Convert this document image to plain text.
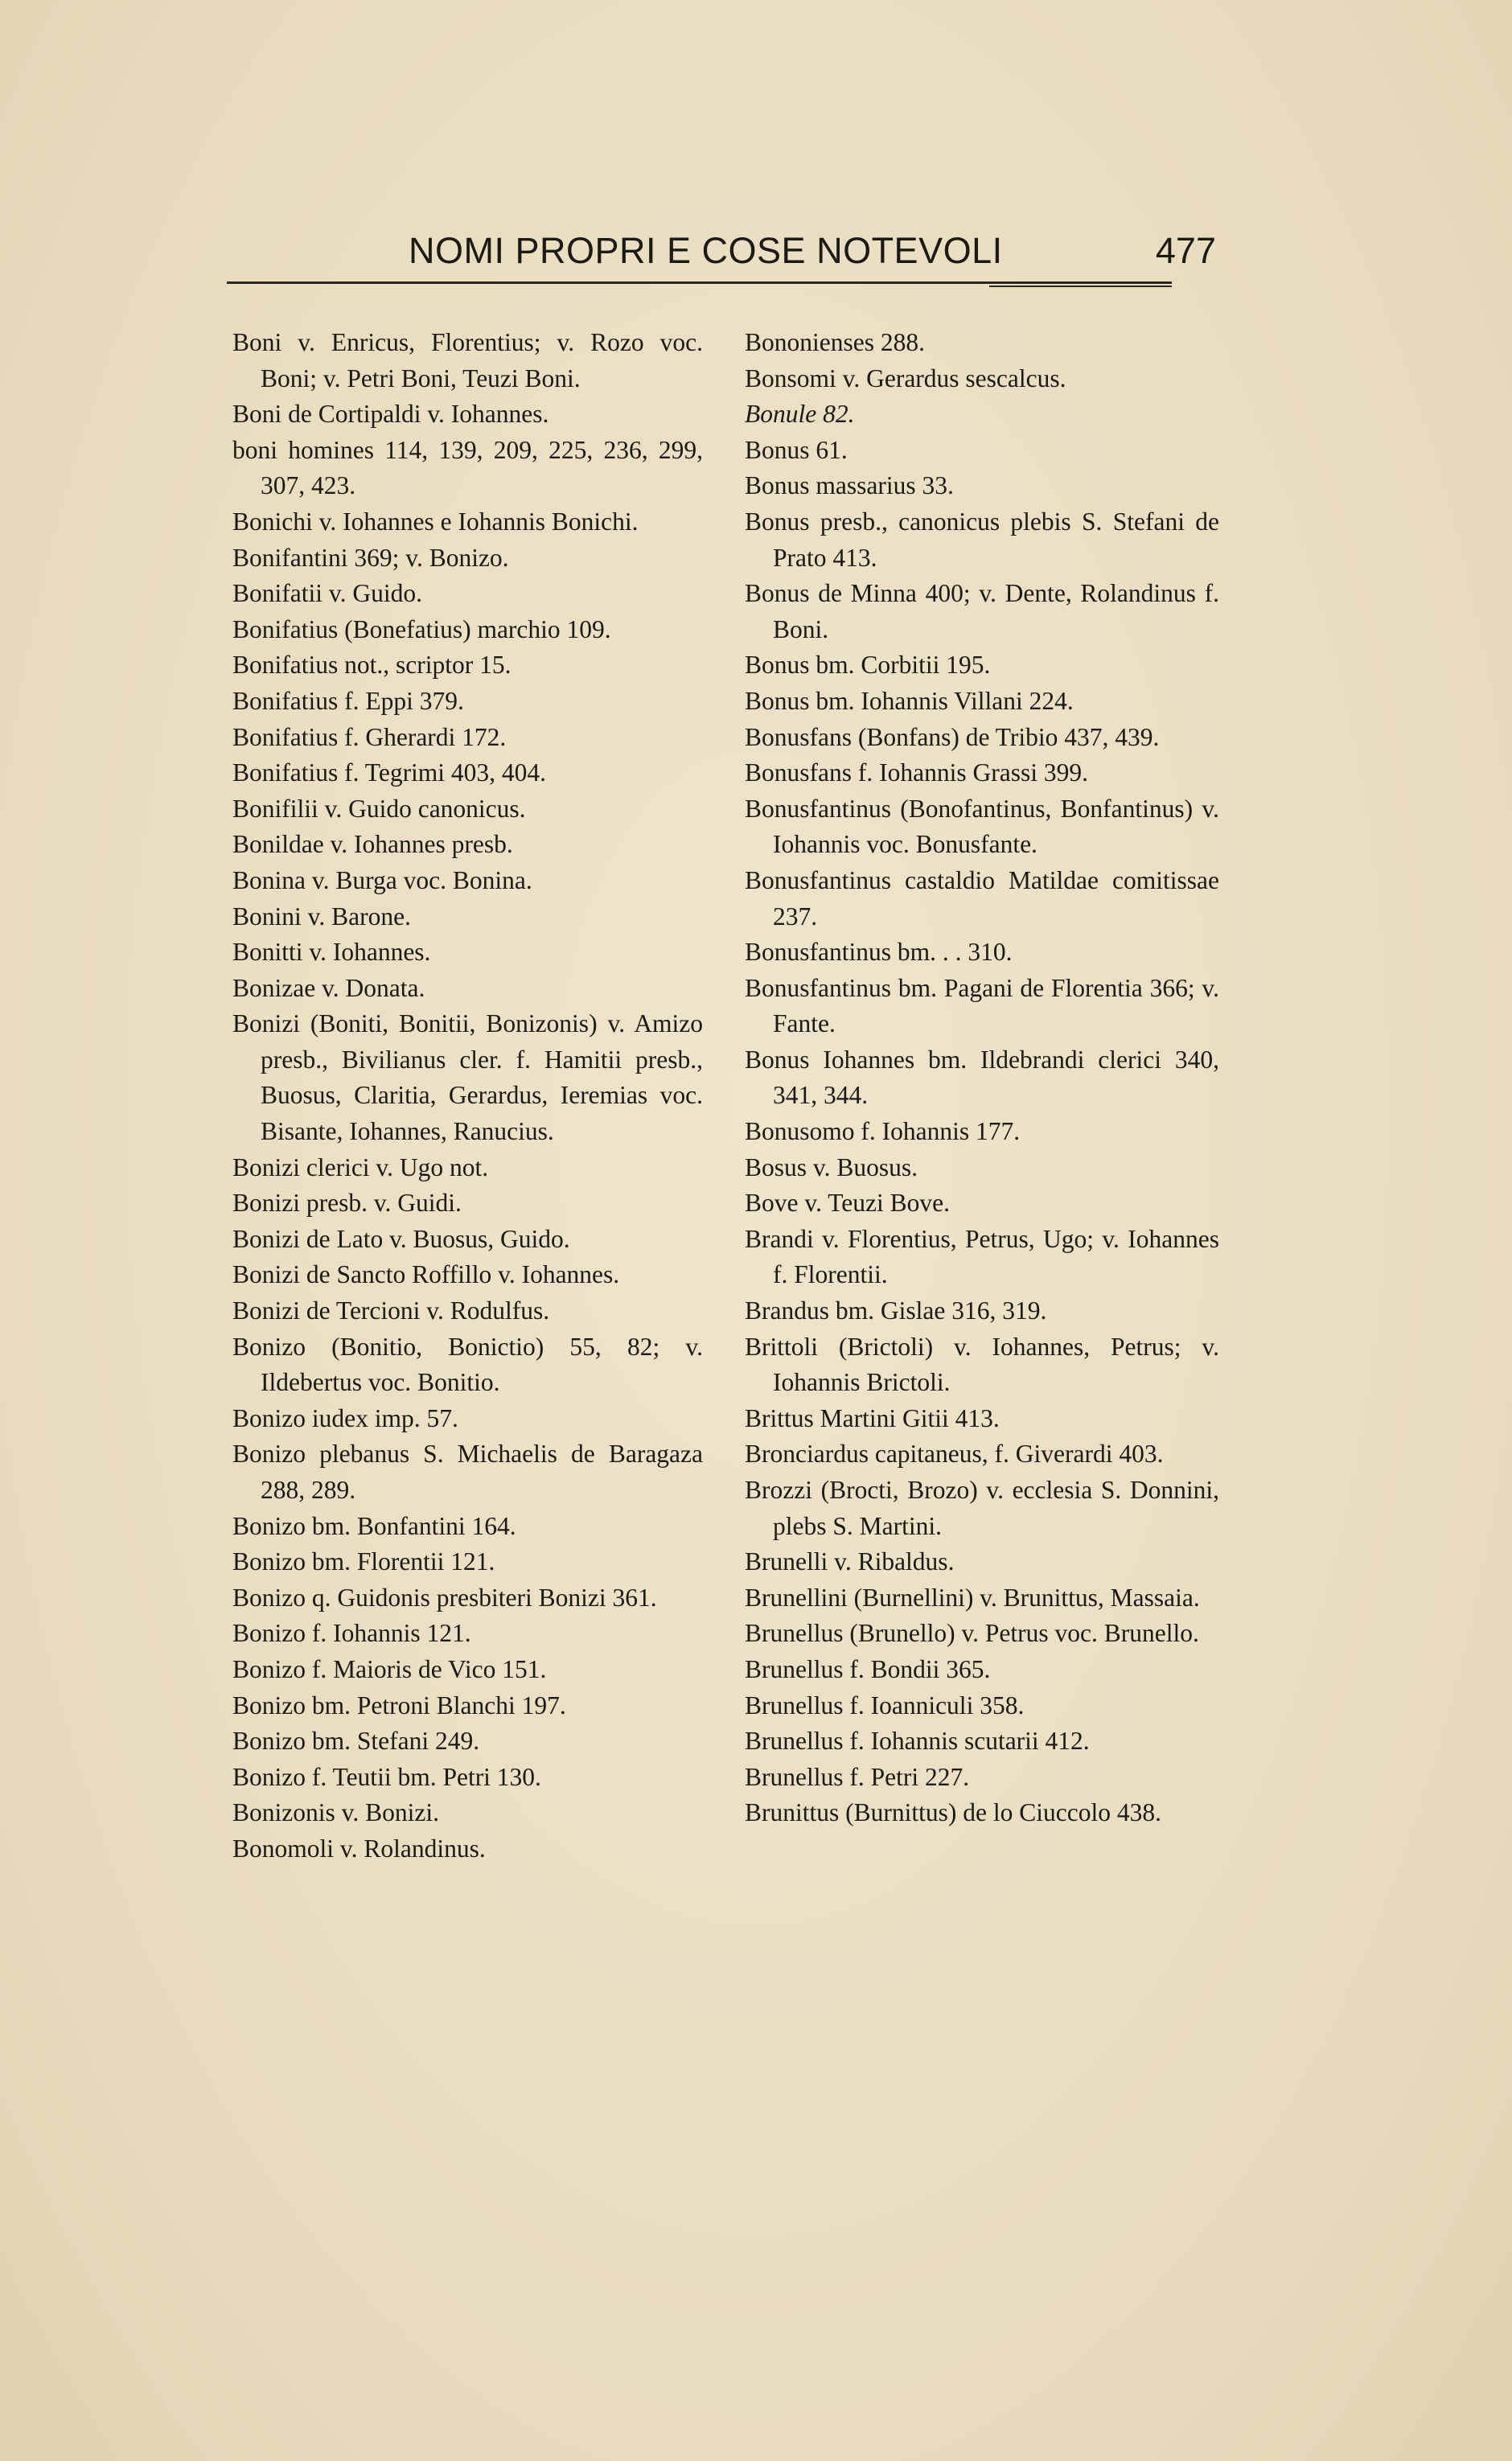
NOMI PROPRI E COSE NOTEVOLI	477

Boni v. Enricus, Florentius; v. Rozo voc. Boni; v. Petri Boni, Teuzi Boni.

Boni de Cortipaldi v. Iohannes.

boni homines 114, 139, 209, 225, 236, 299, 307, 423.

Bonichi v. Iohannes e Iohannis Bonichi.

Bonifantini 369; v. Bonizo.

Bonifatii v. Guido.

Bonifatius (Bonefatius) marchio 109.

Bonifatius not., scriptor 15.

Bonifatius f. Eppi 379.

Bonifatius f. Gherardi 172.

Bonifatius f. Tegrimi 403, 404.

Bonifilii v. Guido canonicus.

Bonildae v. Iohannes presb.

Bonina v. Burga voc. Bonina.

Bonini v. Barone.

Bonitti v. Iohannes.

Bonizae v. Donata.

Bonizi (Boniti, Bonitii, Bonizonis) v. Amizo presb., Bivilianus cler. f. Hamitii presb., Buosus, Claritia, Gerardus, Ieremias voc. Bisante, Iohannes, Ranucius.

Bonizi clerici v. Ugo not.

Bonizi presb. v. Guidi.

Bonizi de Lato v. Buosus, Guido.

Bonizi de Sancto Roffillo v. Iohannes.

Bonizi de Tercioni v. Rodulfus.

Bonizo (Bonitio, Bonictio) 55, 82; v. Ildebertus voc. Bonitio.

Bonizo iudex imp. 57.

Bonizo plebanus S. Michaelis de Baragaza 288, 289.

Bonizo bm. Bonfantini 164.

Bonizo bm. Florentii 121.

Bonizo q. Guidonis presbiteri Bonizi 361.

Bonizo f. Iohannis 121.

Bonizo f. Maioris de Vico 151.

Bonizo bm. Petroni Blanchi 197.

Bonizo bm. Stefani 249.

Bonizo f. Teutii bm. Petri 130.

Bonizonis v. Bonizi.

Bonomoli v. Rolandinus.

Bononienses 288.

Bonsomi v. Gerardus sescalcus.

Bonule 82.

Bonus 61.

Bonus massarius 33.

Bonus presb., canonicus plebis S. Stefani de Prato 413.

Bonus de Minna 400; v. Dente, Rolandinus f. Boni.

Bonus bm. Corbitii 195.

Bonus bm. Iohannis Villani 224.

Bonusfans (Bonfans) de Tribio 437, 439.

Bonusfans f. Iohannis Grassi 399.

Bonusfantinus (Bonofantinus, Bonfantinus) v. Iohannis voc. Bonusfante.

Bonusfantinus castaldio Matildae comitissae 237.

Bonusfantinus bm. . . 310.

Bonusfantinus bm. Pagani de Florentia 366; v. Fante.

Bonus Iohannes bm. Ildebrandi clerici 340, 341, 344.

Bonusomo f. Iohannis 177.

Bosus v. Buosus.

Bove v. Teuzi Bove.

Brandi v. Florentius, Petrus, Ugo; v. Iohannes f. Florentii.

Brandus bm. Gislae 316, 319.

Brittoli (Brictoli) v. Iohannes, Petrus; v. Iohannis Brictoli.

Brittus Martini Gitii 413.

Bronciardus capitaneus, f. Giverardi 403.

Brozzi (Brocti, Brozo) v. ecclesia S. Donnini, plebs S. Martini.

Brunelli v. Ribaldus.

Brunellini (Burnellini) v. Brunittus, Massaia.

Brunellus (Brunello) v. Petrus voc. Brunello.

Brunellus f. Bondii 365.

Brunellus f. Ioanniculi 358.

Brunellus f. Iohannis scutarii 412.

Brunellus f. Petri 227.

Brunittus (Burnittus) de lo Ciuccolo 438.
